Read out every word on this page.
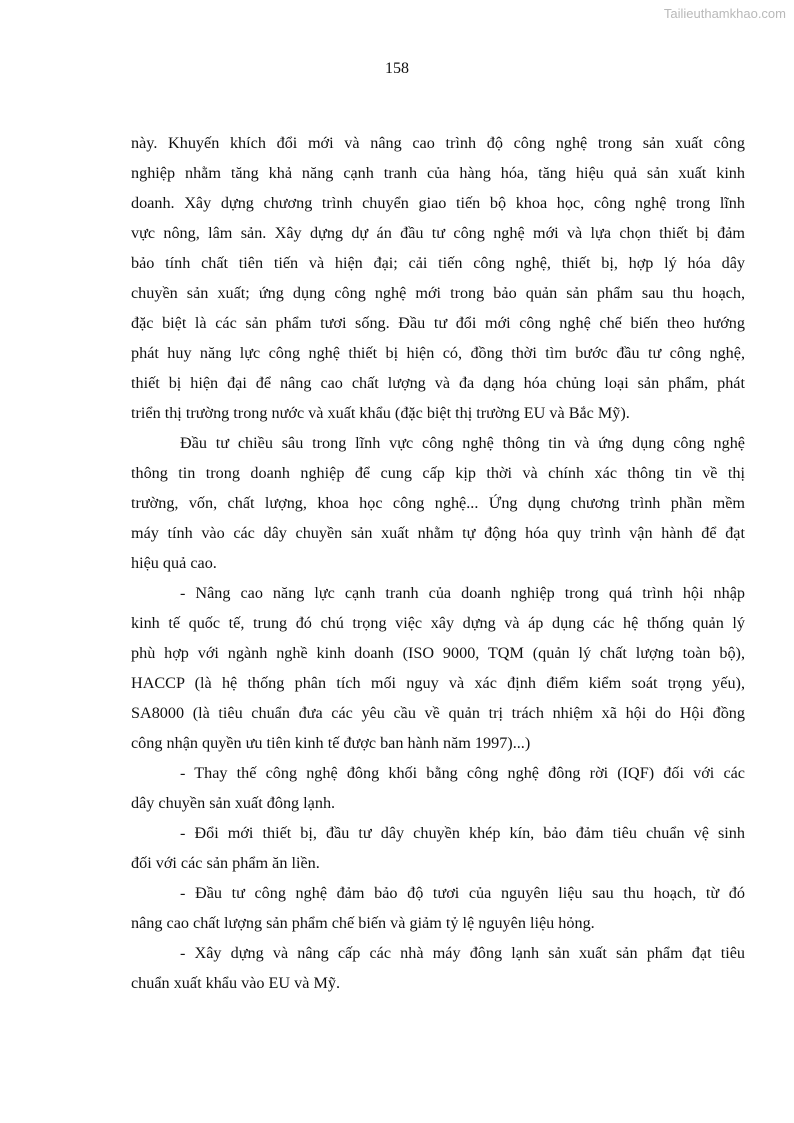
Tailieuthamkhao.com
158
này. Khuyến khích đổi mới và nâng cao trình độ công nghệ trong sản xuất công
nghiệp nhằm tăng khả năng cạnh tranh của hàng hóa, tăng hiệu quả sản xuất kinh
doanh. Xây dựng chương trình chuyển giao tiến bộ khoa học, công nghệ trong lĩnh
vực nông, lâm sản. Xây dựng dự án đầu tư công nghệ mới và lựa chọn thiết bị đảm
bảo tính chất tiên tiến và hiện đại; cải tiến công nghệ, thiết bị, hợp lý hóa dây
chuyền sản xuất; ứng dụng công nghệ mới trong bảo quản sản phẩm sau thu hoạch,
đặc biệt là các sản phẩm tươi sống. Đầu tư đổi mới công nghệ chế biến theo hướng
phát huy năng lực công nghệ thiết bị hiện có, đồng thời tìm bước đầu tư công nghệ,
thiết bị hiện đại để nâng cao chất lượng và đa dạng hóa chủng loại sản phẩm, phát
triển thị trường trong nước và xuất khẩu (đặc biệt thị trường EU và Bắc Mỹ).
Đầu tư chiều sâu trong lĩnh vực công nghệ thông tin và ứng dụng công nghệ
thông tin trong doanh nghiệp để cung cấp kịp thời và chính xác thông tin về thị
trường, vốn, chất lượng, khoa học công nghệ... Ứng dụng chương trình phần mềm
máy tính vào các dây chuyền sản xuất nhằm tự động hóa quy trình vận hành để đạt
hiệu quả cao.
- Nâng cao năng lực cạnh tranh của doanh nghiệp trong quá trình hội nhập
kinh tế quốc tế, trung đó chú trọng việc xây dựng và áp dụng các hệ thống quản lý
phù hợp với ngành nghề kinh doanh (ISO 9000, TQM (quản lý chất lượng toàn bộ),
HACCP (là hệ thống phân tích mối nguy và xác định điểm kiểm soát trọng yếu),
SA8000 (là tiêu chuẩn đưa các yêu cầu về quản trị trách nhiệm xã hội do Hội đồng
công nhận quyền ưu tiên kinh tế được ban hành năm 1997)...)
- Thay thế công nghệ đông khối bằng công nghệ đông rời (IQF) đối với các
dây chuyền sản xuất đông lạnh.
- Đổi mới thiết bị, đầu tư dây chuyền khép kín, bảo đảm tiêu chuẩn vệ sinh
đối với các sản phẩm ăn liền.
- Đầu tư công nghệ đảm bảo độ tươi của nguyên liệu sau thu hoạch, từ đó
nâng cao chất lượng sản phẩm chế biến và giảm tỷ lệ nguyên liệu hỏng.
- Xây dựng và nâng cấp các nhà máy đông lạnh sản xuất sản phẩm đạt tiêu
chuẩn xuất khẩu vào EU và Mỹ.
